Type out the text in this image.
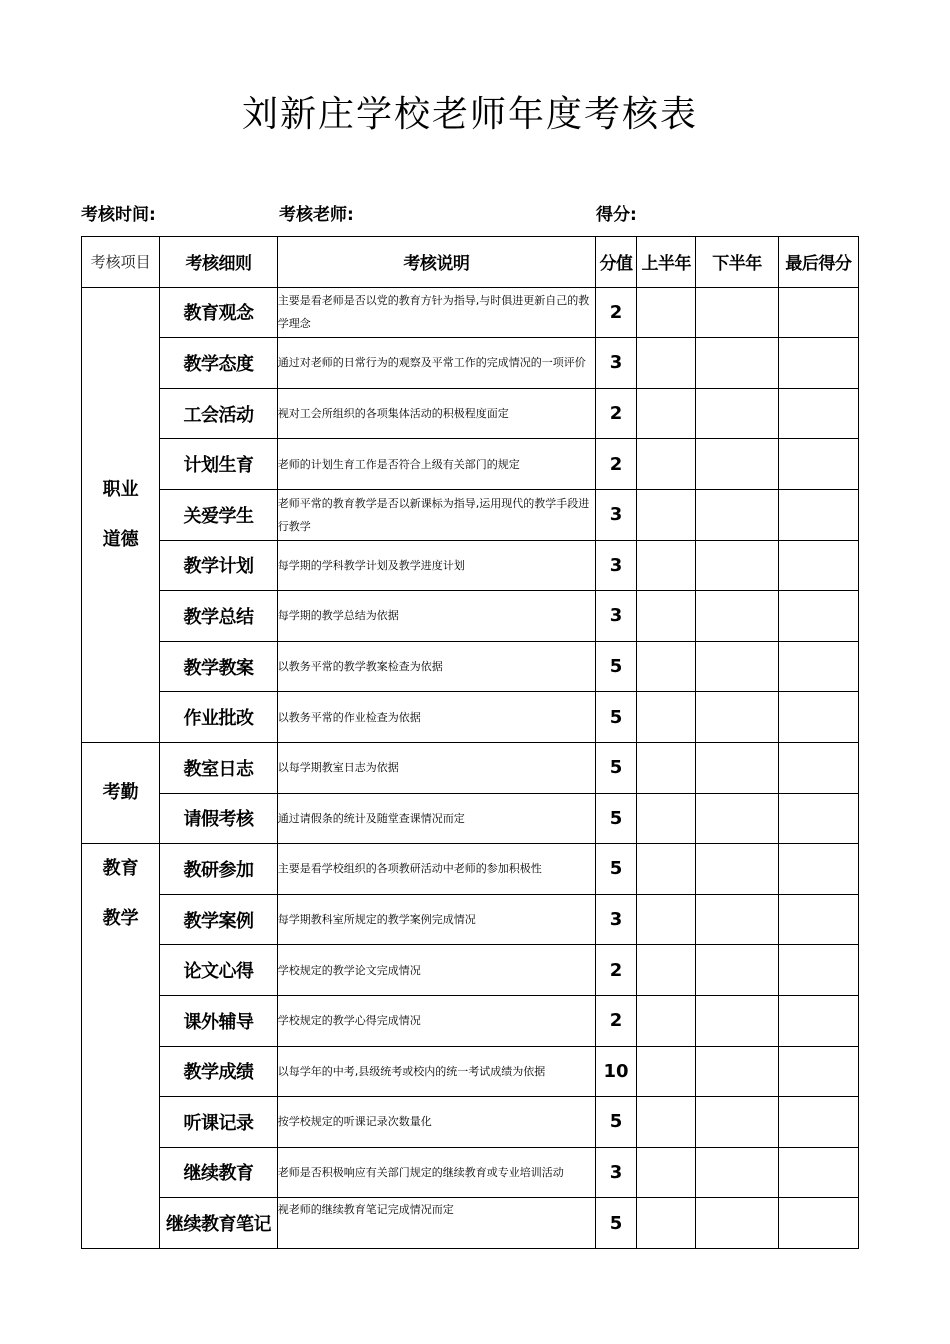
刘新庄学校老师年度考核表
考核时间:	考核老师:	得分:
考核项目	考核细则	考核说明	分值	上半年	下半年	最后得分

职业
道德	教育观念	主要是看老师是否以党的教育方针为指导,与时俱进更新自己的教学理念	2			
	教学态度	通过对老师的日常行为的观察及平常工作的完成情况的一项评价	3			
	工会活动	视对工会所组织的各项集体活动的积极程度面定	2			
	计划生育	老师的计划生育工作是否符合上级有关部门的规定	2			
	关爱学生	老师平常的教育教学是否以新课标为指导,运用现代的教学手段进行教学	3			
	教学计划	每学期的学科教学计划及教学进度计划	3			
	教学总结	每学期的教学总结为依据	3			
	教学教案	以教务平常的教学教案检查为依据	5			
	作业批改	以教务平常的作业检查为依据	5			
考勤	教室日志	以每学期教室日志为依据	5			
	请假考核	通过请假条的统计及随堂查课情况而定	5			

教育
教学	教研参加	主要是看学校组织的各项教研活动中老师的参加积极性	5			
	教学案例	每学期教科室所规定的教学案例完成情况	3			
	论文心得	学校规定的教学论文完成情况	2			
	课外辅导	学校规定的教学心得完成情况	2			
	教学成绩	以每学年的中考,县级统考或校内的统一考试成绩为依据	10			
	听课记录	按学校规定的听课记录次数量化	5			
	继续教育	老师是否积极响应有关部门规定的继续教育或专业培训活动	3			
	继续教育笔记	视老师的继续教育笔记完成情况而定	5			
